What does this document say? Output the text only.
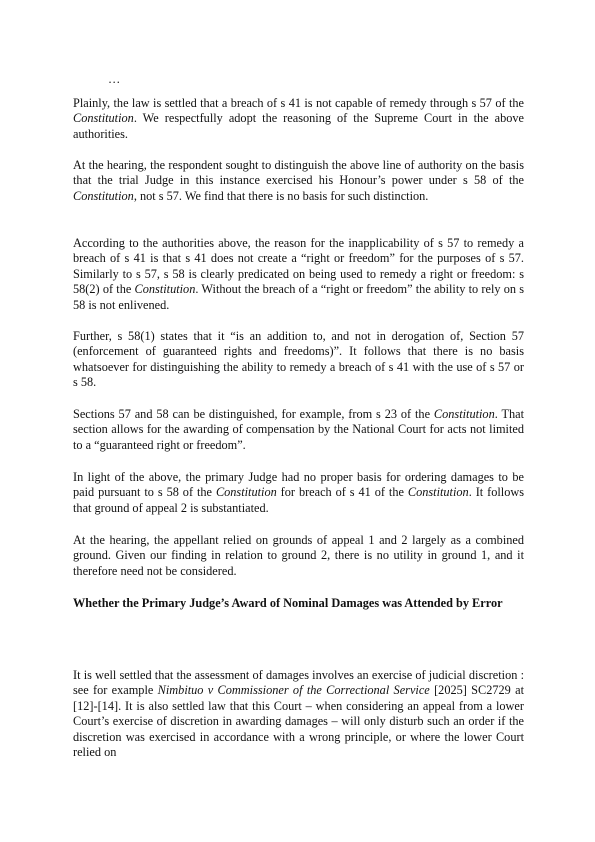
…

Plainly, the law is settled that a breach of s 41 is not capable of remedy through s 57 of the Constitution. We respectfully adopt the reasoning of the Supreme Court in the above authorities.

At the hearing, the respondent sought to distinguish the above line of authority on the basis that the trial Judge in this instance exercised his Honour’s power under s 58 of the Constitution, not s 57. We find that there is no basis for such distinction.

According to the authorities above, the reason for the inapplicability of s 57 to remedy a breach of s 41 is that s 41 does not create a “right or freedom” for the purposes of s 57. Similarly to s 57, s 58 is clearly predicated on being used to remedy a right or freedom: s 58(2) of the Constitution. Without the breach of a “right or freedom” the ability to rely on s 58 is not enlivened.

Further, s 58(1) states that it “is an addition to, and not in derogation of, Section 57 (enforcement of guaranteed rights and freedoms)”. It follows that there is no basis whatsoever for distinguishing the ability to remedy a breach of s 41 with the use of s 57 or s 58.

Sections 57 and 58 can be distinguished, for example, from s 23 of the Constitution. That section allows for the awarding of compensation by the National Court for acts not limited to a “guaranteed right or freedom”.

In light of the above, the primary Judge had no proper basis for ordering damages to be paid pursuant to s 58 of the Constitution for breach of s 41 of the Constitution. It follows that ground of appeal 2 is substantiated.

At the hearing, the appellant relied on grounds of appeal 1 and 2 largely as a combined ground. Given our finding in relation to ground 2, there is no utility in ground 1, and it therefore need not be considered.

Whether the Primary Judge’s Award of Nominal Damages was Attended by Error

It is well settled that the assessment of damages involves an exercise of judicial discretion : see for example Nimbituo v Commissioner of the Correctional Service [2025] SC2729 at [12]-[14]. It is also settled law that this Court – when considering an appeal from a lower Court’s exercise of discretion in awarding damages – will only disturb such an order if the discretion was exercised in accordance with a wrong principle, or where the lower Court relied on
